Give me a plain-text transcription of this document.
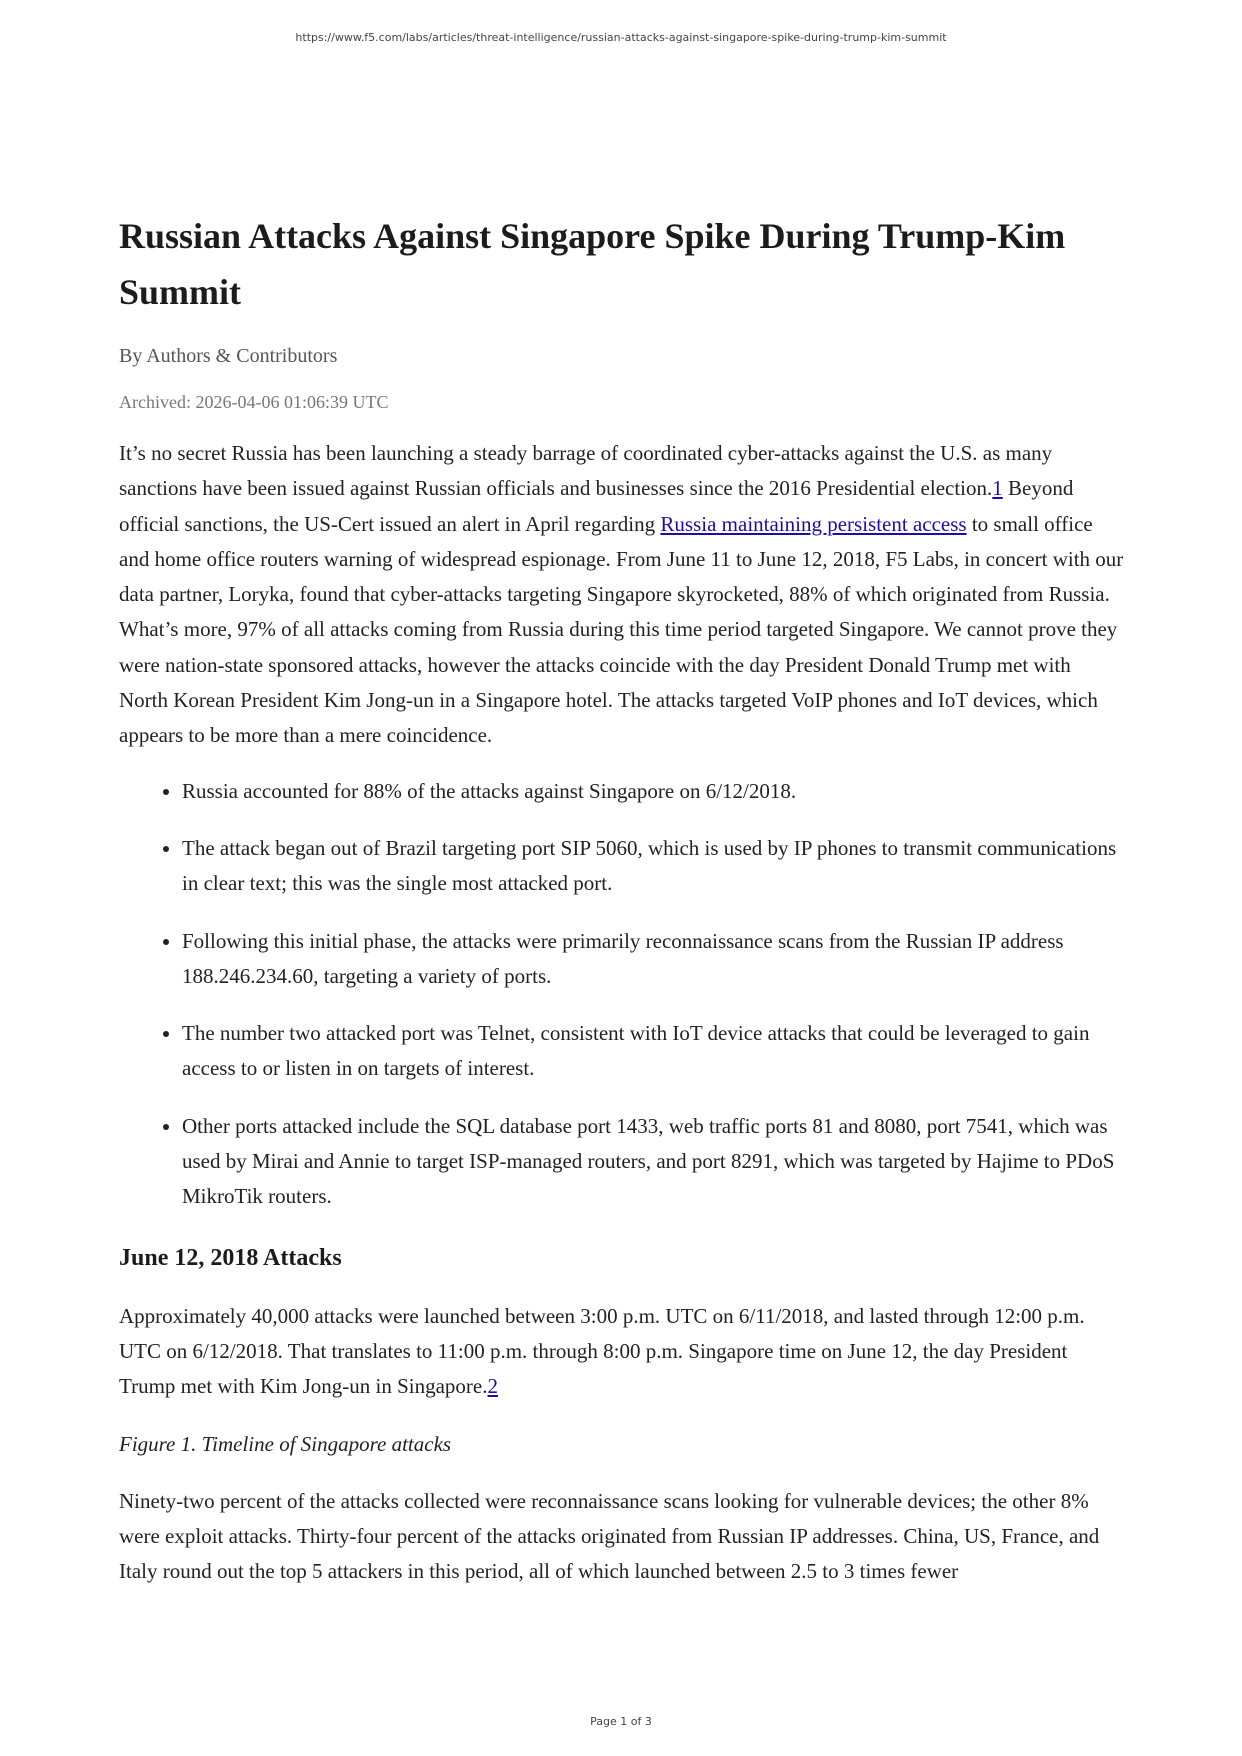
https://www.f5.com/labs/articles/threat-intelligence/russian-attacks-against-singapore-spike-during-trump-kim-summit
Russian Attacks Against Singapore Spike During Trump-Kim Summit
By Authors & Contributors
Archived: 2026-04-06 01:06:39 UTC

It’s no secret Russia has been launching a steady barrage of coordinated cyber-attacks against the U.S. as many sanctions have been issued against Russian officials and businesses since the 2016 Presidential election.1 Beyond official sanctions, the US-Cert issued an alert in April regarding Russia maintaining persistent access to small office and home office routers warning of widespread espionage. From June 11 to June 12, 2018, F5 Labs, in concert with our data partner, Loryka, found that cyber-attacks targeting Singapore skyrocketed, 88% of which originated from Russia. What’s more, 97% of all attacks coming from Russia during this time period targeted Singapore. We cannot prove they were nation-state sponsored attacks, however the attacks coincide with the day President Donald Trump met with North Korean President Kim Jong-un in a Singapore hotel. The attacks targeted VoIP phones and IoT devices, which appears to be more than a mere coincidence.

• Russia accounted for 88% of the attacks against Singapore on 6/12/2018.
• The attack began out of Brazil targeting port SIP 5060, which is used by IP phones to transmit communications in clear text; this was the single most attacked port.
• Following this initial phase, the attacks were primarily reconnaissance scans from the Russian IP address 188.246.234.60, targeting a variety of ports.
• The number two attacked port was Telnet, consistent with IoT device attacks that could be leveraged to gain access to or listen in on targets of interest.
• Other ports attacked include the SQL database port 1433, web traffic ports 81 and 8080, port 7541, which was used by Mirai and Annie to target ISP-managed routers, and port 8291, which was targeted by Hajime to PDoS MikroTik routers.
June 12, 2018 Attacks

Approximately 40,000 attacks were launched between 3:00 p.m. UTC on 6/11/2018, and lasted through 12:00 p.m. UTC on 6/12/2018. That translates to 11:00 p.m. through 8:00 p.m. Singapore time on June 12, the day President Trump met with Kim Jong-un in Singapore.2

Figure 1. Timeline of Singapore attacks

Ninety-two percent of the attacks collected were reconnaissance scans looking for vulnerable devices; the other 8% were exploit attacks. Thirty-four percent of the attacks originated from Russian IP addresses. China, US, France, and Italy round out the top 5 attackers in this period, all of which launched between 2.5 to 3 times fewer

Page 1 of 3
